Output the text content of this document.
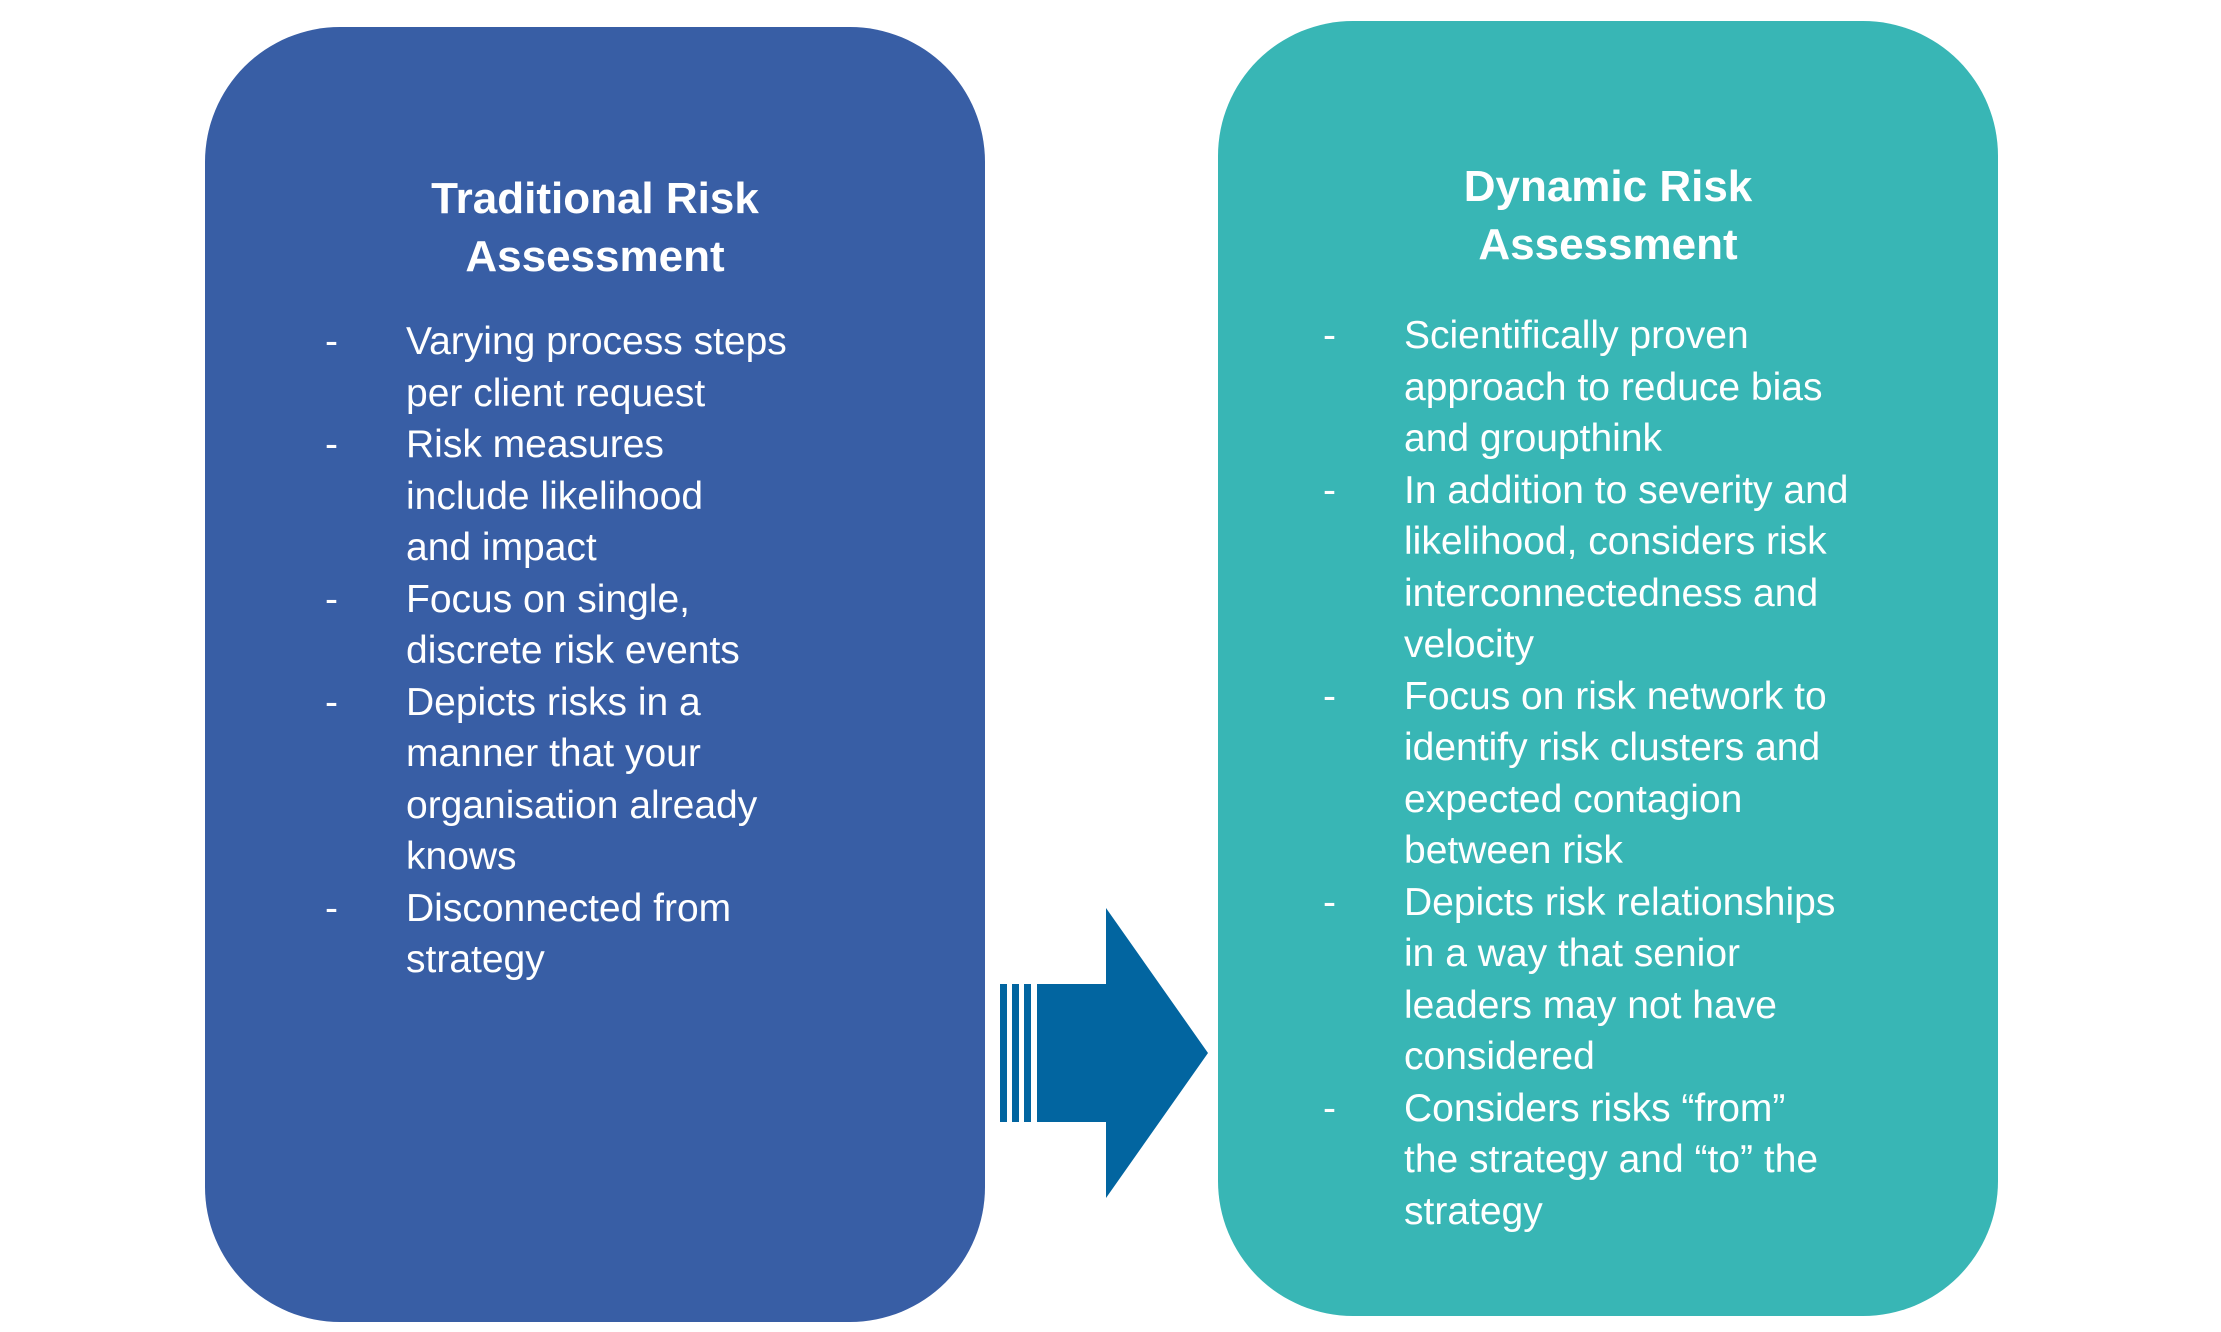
Traditional Risk
Assessment
- Varying process steps
per client request
- Risk measures
include likelihood
and impact
- Focus on single,
discrete risk events
- Depicts risks in a
manner that your
organisation already
knows
- Disconnected from
strategy
Dynamic Risk
Assessment
- Scientifically proven
approach to reduce bias
and groupthink
- In addition to severity and
likelihood, considers risk
interconnectedness and
velocity
- Focus on risk network to
identify risk clusters and
expected contagion
between risk
- Depicts risk relationships
in a way that senior
leaders may not have
considered
- Considers risks “from”
the strategy and “to” the
strategy
